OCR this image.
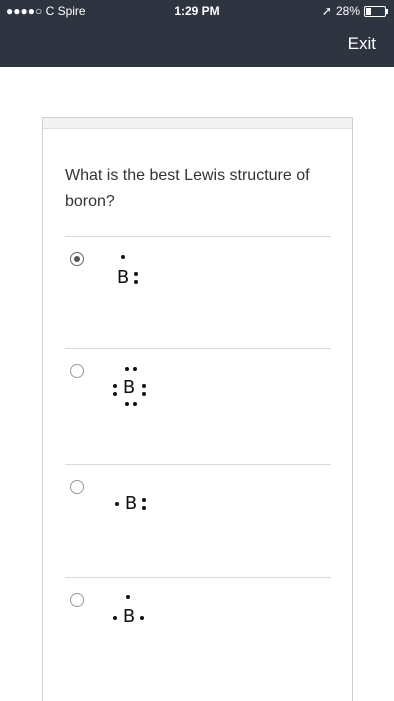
●●●●○ C Spire	1:29 PM	➚ 28%
Exit
What is the best Lewis structure of boron?
B
B
B
B
